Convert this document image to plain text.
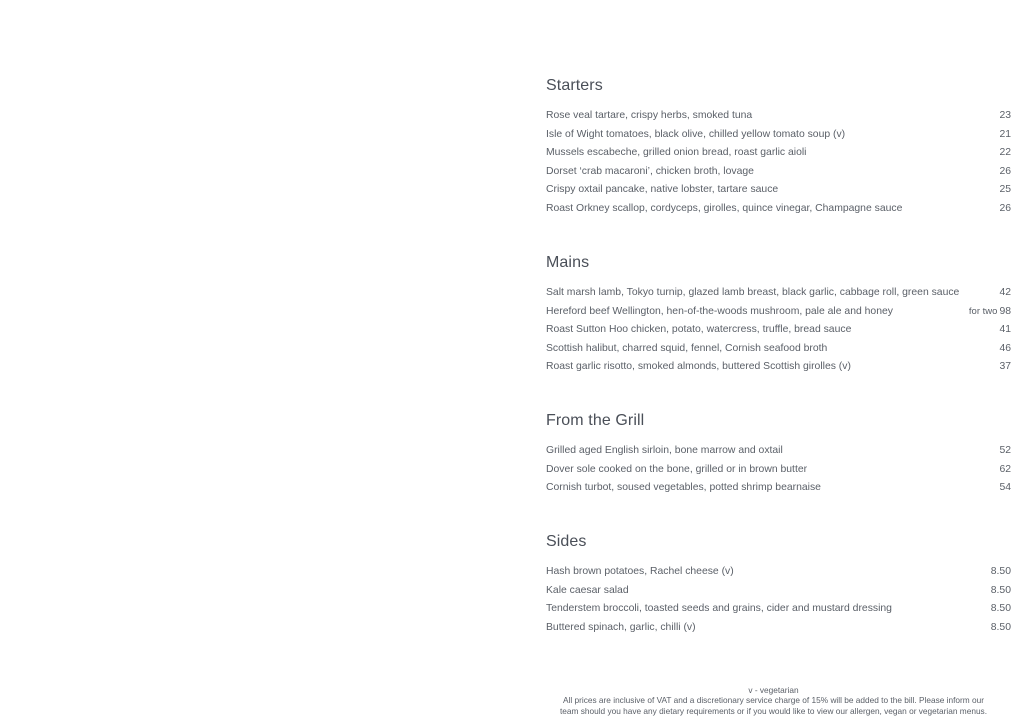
Starters
Rose veal tartare, crispy herbs, smoked tuna	23
Isle of Wight tomatoes, black olive, chilled yellow tomato soup (v)	21
Mussels escabeche, grilled onion bread, roast garlic aioli	22
Dorset ‘crab macaroni’, chicken broth, lovage	26
Crispy oxtail pancake, native lobster, tartare sauce	25
Roast Orkney scallop, cordyceps, girolles, quince vinegar, Champagne sauce	26
Mains
Salt marsh lamb, Tokyo turnip, glazed lamb breast, black garlic, cabbage roll, green sauce	42
Hereford beef Wellington, hen-of-the-woods mushroom, pale ale and honey	for two 98
Roast Sutton Hoo chicken, potato, watercress, truffle, bread sauce	41
Scottish halibut, charred squid, fennel, Cornish seafood broth	46
Roast garlic risotto, smoked almonds, buttered Scottish girolles (v)	37
From the Grill
Grilled aged English sirloin, bone marrow and oxtail	52
Dover sole cooked on the bone, grilled or in brown butter	62
Cornish turbot, soused vegetables, potted shrimp bearnaise	54
Sides
Hash brown potatoes, Rachel cheese (v)	8.50
Kale caesar salad	8.50
Tenderstem broccoli, toasted seeds and grains, cider and mustard dressing	8.50
Buttered spinach, garlic, chilli (v)	8.50
v - vegetarian
All prices are inclusive of VAT and a discretionary service charge of 15% will be added to the bill. Please inform our
team should you have any dietary requirements or if you would like to view our allergen, vegan or vegetarian menus.
